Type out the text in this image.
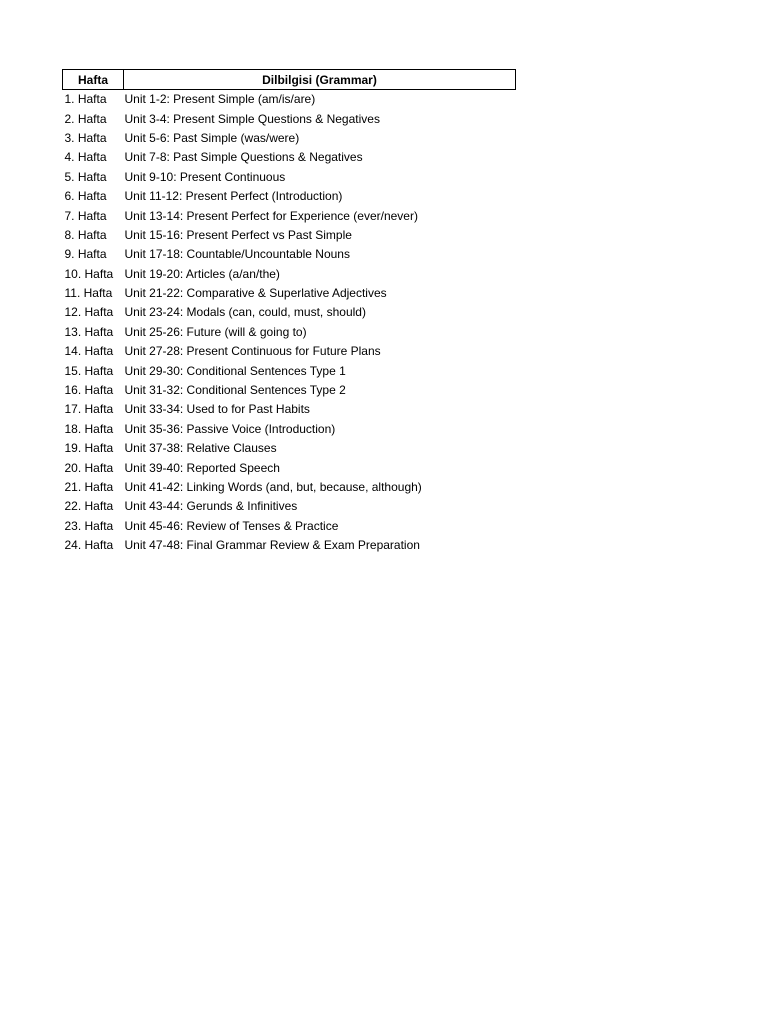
Hafta	Dilbilgisi (Grammar)
1. Hafta	Unit 1-2: Present Simple (am/is/are)
2. Hafta	Unit 3-4: Present Simple Questions & Negatives
3. Hafta	Unit 5-6: Past Simple (was/were)
4. Hafta	Unit 7-8: Past Simple Questions & Negatives
5. Hafta	Unit 9-10: Present Continuous
6. Hafta	Unit 11-12: Present Perfect (Introduction)
7. Hafta	Unit 13-14: Present Perfect for Experience (ever/never)
8. Hafta	Unit 15-16: Present Perfect vs Past Simple
9. Hafta	Unit 17-18: Countable/Uncountable Nouns
10. Hafta	Unit 19-20: Articles (a/an/the)
11. Hafta	Unit 21-22: Comparative & Superlative Adjectives
12. Hafta	Unit 23-24: Modals (can, could, must, should)
13. Hafta	Unit 25-26: Future (will & going to)
14. Hafta	Unit 27-28: Present Continuous for Future Plans
15. Hafta	Unit 29-30: Conditional Sentences Type 1
16. Hafta	Unit 31-32: Conditional Sentences Type 2
17. Hafta	Unit 33-34: Used to for Past Habits
18. Hafta	Unit 35-36: Passive Voice (Introduction)
19. Hafta	Unit 37-38: Relative Clauses
20. Hafta	Unit 39-40: Reported Speech
21. Hafta	Unit 41-42: Linking Words (and, but, because, although)
22. Hafta	Unit 43-44: Gerunds & Infinitives
23. Hafta	Unit 45-46: Review of Tenses & Practice
24. Hafta	Unit 47-48: Final Grammar Review & Exam Preparation
